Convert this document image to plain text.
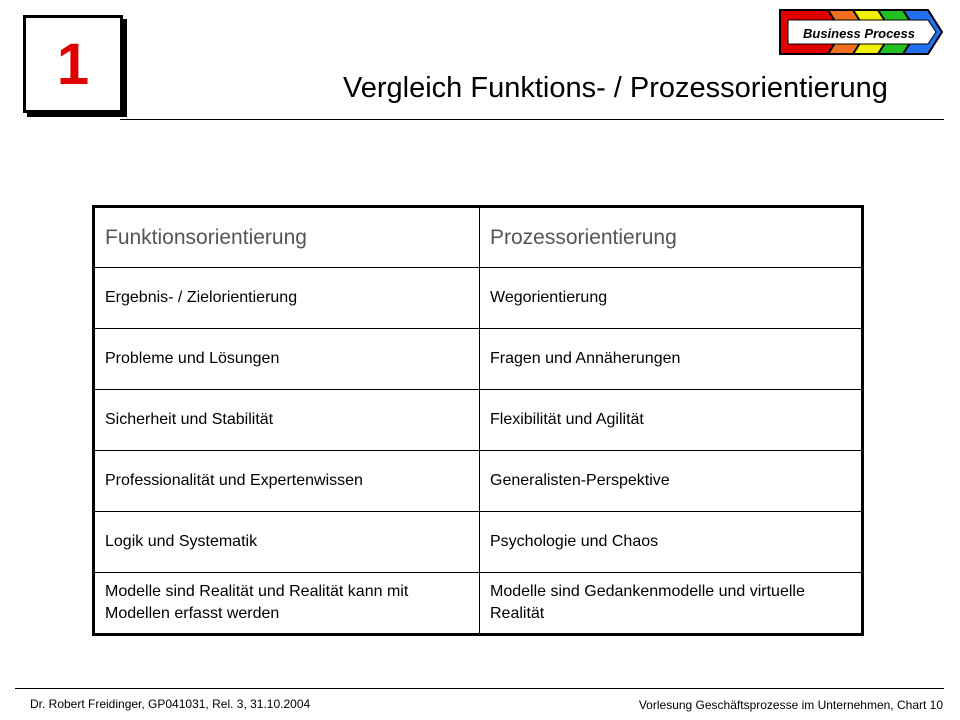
1	Vergleich Funktions- / Prozessorientierung
Business Process
Funktionsorientierung	Prozessorientierung
Ergebnis- / Zielorientierung	Wegorientierung
Probleme und Lösungen	Fragen und Annäherungen
Sicherheit und Stabilität	Flexibilität und Agilität
Professionalität und Expertenwissen	Generalisten-Perspektive
Logik und Systematik	Psychologie und Chaos
Modelle sind Realität und Realität kann mit Modellen erfasst werden	Modelle sind Gedankenmodelle und virtuelle Realität
Dr. Robert Freidinger, GP041031, Rel. 3, 31.10.2004	Vorlesung Geschäftsprozesse im Unternehmen, Chart 10
